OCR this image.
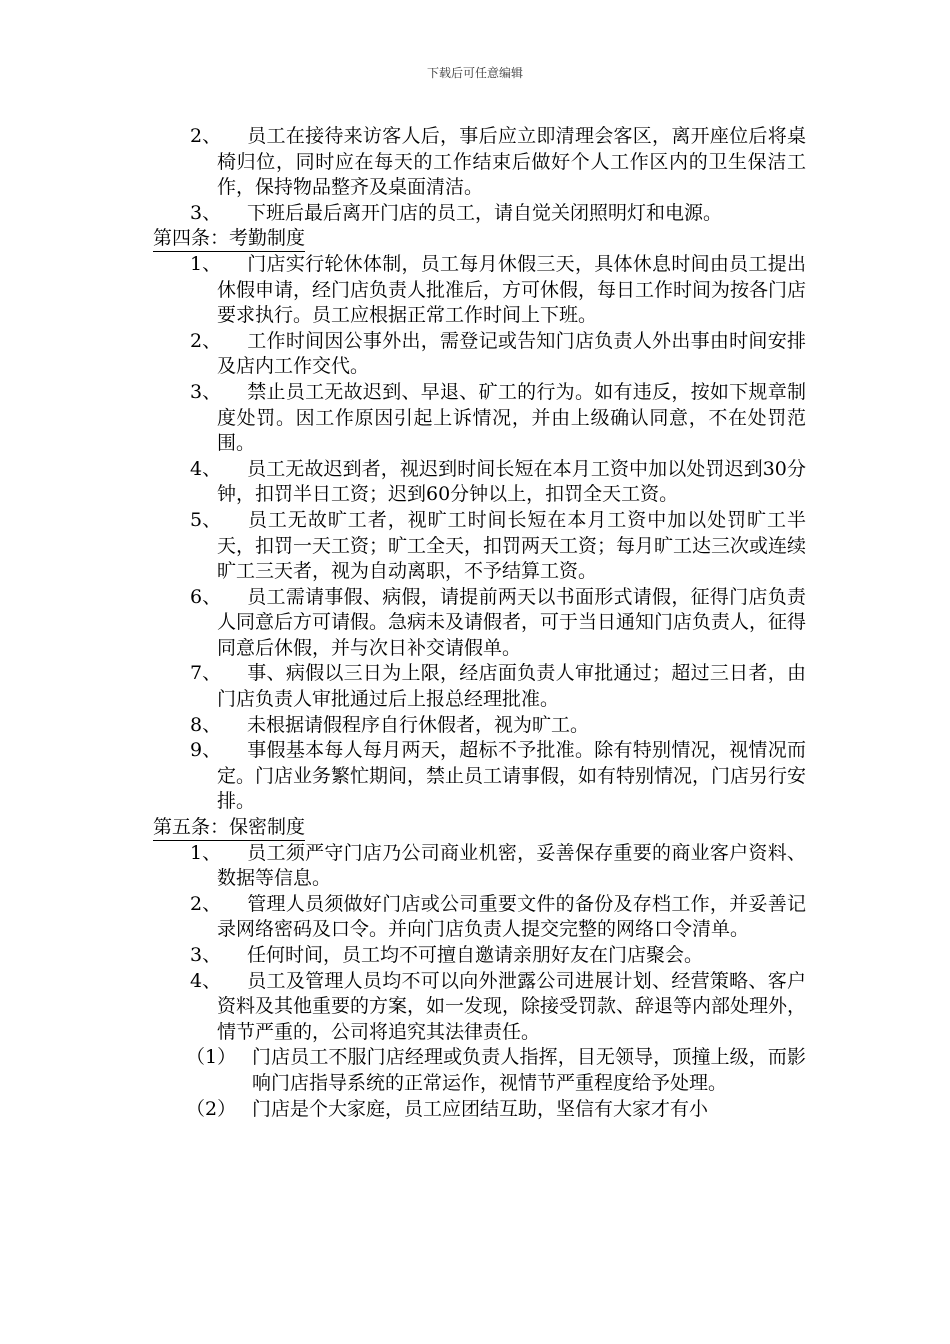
下载后可任意编辑
2、 员工在接待来访客人后，事后应立即清理会客区，离开座位后将桌椅归位，同时应在每天的工作结束后做好个人工作区内的卫生保洁工作，保持物品整齐及桌面清洁。
3、 下班后最后离开门店的员工，请自觉关闭照明灯和电源。
第四条：考勤制度
1、 门店实行轮休体制，员工每月休假三天，具体休息时间由员工提出休假申请，经门店负责人批准后，方可休假，每日工作时间为按各门店要求执行。员工应根据正常工作时间上下班。
2、 工作时间因公事外出，需登记或告知门店负责人外出事由时间安排及店内工作交代。
3、 禁止员工无故迟到、早退、矿工的行为。如有违反，按如下规章制度处罚。因工作原因引起上诉情况，并由上级确认同意，不在处罚范围。
4、 员工无故迟到者，视迟到时间长短在本月工资中加以处罚迟到30分钟，扣罚半日工资；迟到60分钟以上，扣罚全天工资。
5、 员工无故旷工者，视旷工时间长短在本月工资中加以处罚旷工半天，扣罚一天工资；旷工全天，扣罚两天工资；每月旷工达三次或连续旷工三天者，视为自动离职，不予结算工资。
6、 员工需请事假、病假，请提前两天以书面形式请假，征得门店负责人同意后方可请假。急病未及请假者，可于当日通知门店负责人，征得同意后休假，并与次日补交请假单。
7、 事、病假以三日为上限，经店面负责人审批通过；超过三日者，由门店负责人审批通过后上报总经理批准。
8、 未根据请假程序自行休假者，视为旷工。
9、 事假基本每人每月两天，超标不予批准。除有特别情况，视情况而定。门店业务繁忙期间，禁止员工请事假，如有特别情况，门店另行安排。
第五条：保密制度
1、 员工须严守门店乃公司商业机密，妥善保存重要的商业客户资料、数据等信息。
2、 管理人员须做好门店或公司重要文件的备份及存档工作，并妥善记录网络密码及口令。并向门店负责人提交完整的网络口令清单。
3、 任何时间，员工均不可擅自邀请亲朋好友在门店聚会。
4、 员工及管理人员均不可以向外泄露公司进展计划、经营策略、客户资料及其他重要的方案，如一发现，除接受罚款、辞退等内部处理外，情节严重的，公司将追究其法律责任。
（1） 门店员工不服门店经理或负责人指挥，目无领导，顶撞上级，而影响门店指导系统的正常运作，视情节严重程度给予处理。
（2） 门店是个大家庭，员工应团结互助，坚信有大家才有小
